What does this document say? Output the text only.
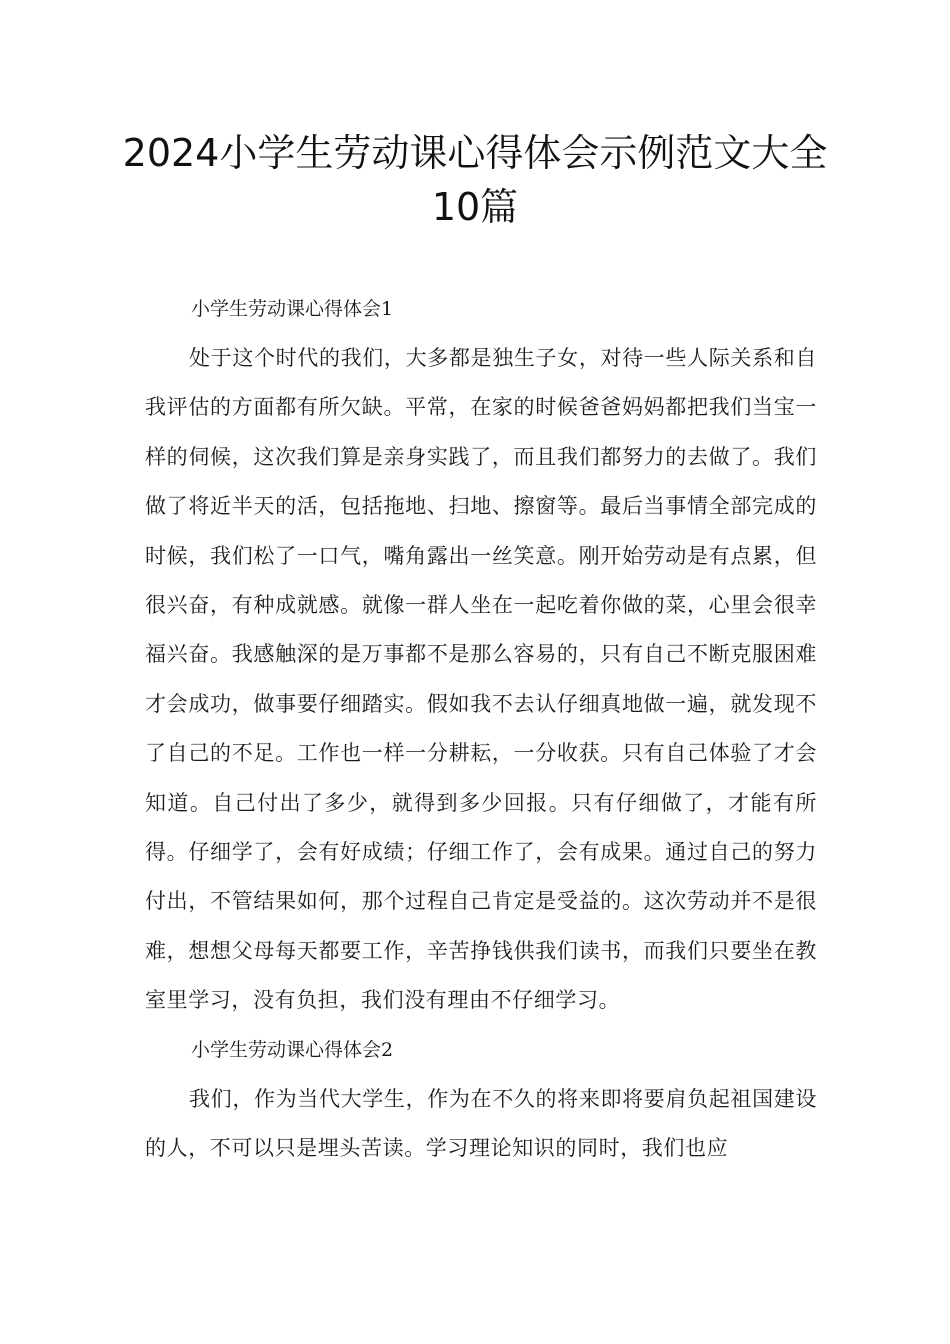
2024小学生劳动课心得体会示例范文大全10篇

小学生劳动课心得体会1

处于这个时代的我们，大多都是独生子女，对待一些人际关系和自我评估的方面都有所欠缺。平常，在家的时候爸爸妈妈都把我们当宝一样的伺候，这次我们算是亲身实践了，而且我们都努力的去做了。我们做了将近半天的活，包括拖地、扫地、擦窗等。最后当事情全部完成的时候，我们松了一口气，嘴角露出一丝笑意。刚开始劳动是有点累，但很兴奋，有种成就感。就像一群人坐在一起吃着你做的菜，心里会很幸福兴奋。我感触深的是万事都不是那么容易的，只有自己不断克服困难才会成功，做事要仔细踏实。假如我不去认仔细真地做一遍，就发现不了自己的不足。工作也一样一分耕耘，一分收获。只有自己体验了才会知道。自己付出了多少，就得到多少回报。只有仔细做了，才能有所得。仔细学了，会有好成绩；仔细工作了，会有成果。通过自己的努力付出，不管结果如何，那个过程自己肯定是受益的。这次劳动并不是很难，想想父母每天都要工作，辛苦挣钱供我们读书，而我们只要坐在教室里学习，没有负担，我们没有理由不仔细学习。

小学生劳动课心得体会2

我们，作为当代大学生，作为在不久的将来即将要肩负起祖国建设的人，不可以只是埋头苦读。学习理论知识的同时，我们也应
